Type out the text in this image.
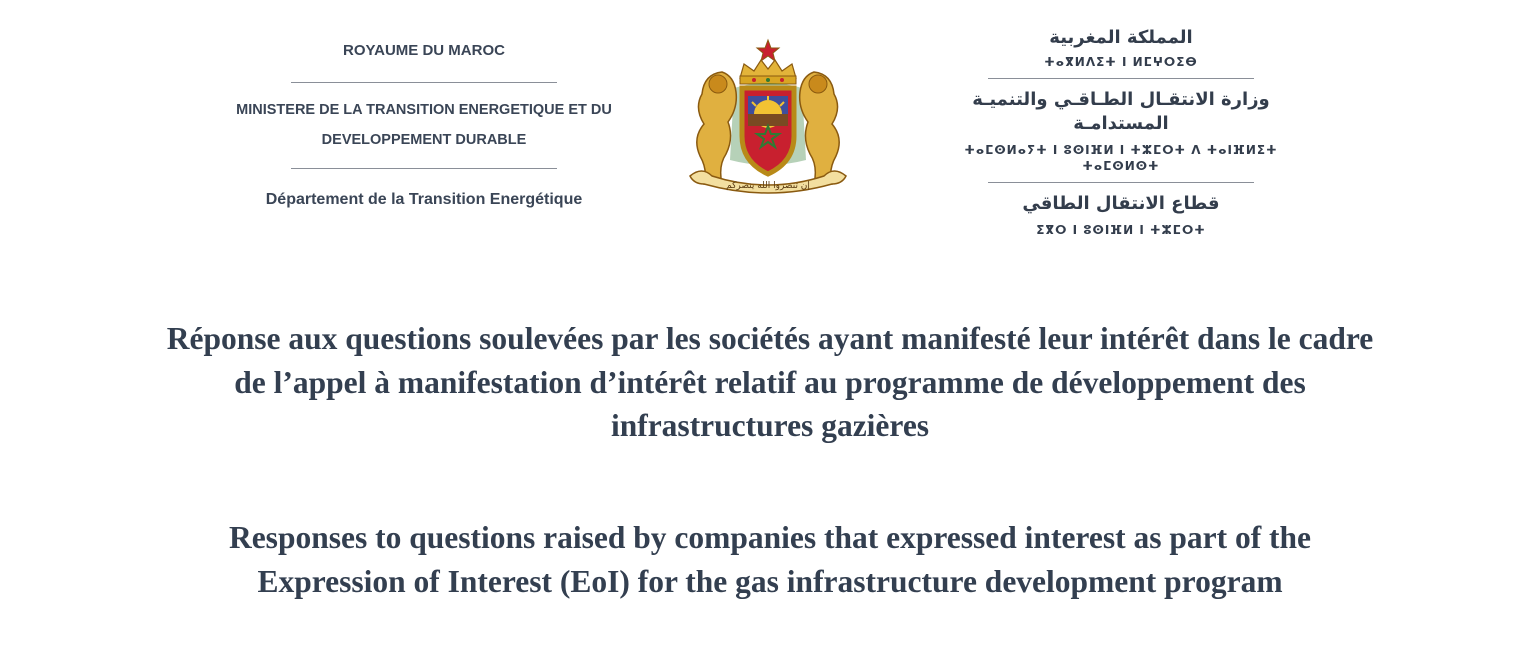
ROYAUME DU MAROC
MINISTERE DE LA TRANSITION ENERGETIQUE ET DU
DEVELOPPEMENT DURABLE
Département de la Transition Energétique
إن تنصروا الله ينصركم
المملكة المغربية
ⵜⴰⴳⵍⴷⵉⵜ ⵏ ⵍⵎⵖⵔⵉⴱ
وزارة الانتقـال الطـاقـي والتنميـة المستدامـة
ⵜⴰⵎⵙⵍⴰⵢⵜ ⵏ ⵓⵙⵏⴼⵍ ⵏ ⵜⵣⵎⵔⵜ ⴷ ⵜⴰⵏⴼⵍⵉⵜ ⵜⴰⵎⵙⵍⵙⵜ
قطاع الانتقال الطاقي
ⵉⴳⵔ ⵏ ⵓⵙⵏⴼⵍ ⵏ ⵜⵣⵎⵔⵜ
Réponse aux questions soulevées par les sociétés ayant manifesté leur intérêt dans le cadre
de l’appel à manifestation d’intérêt relatif au programme de développement des
infrastructures gazières
Responses to questions raised by companies that expressed interest as part of the
Expression of Interest (EoI) for the gas infrastructure development program
